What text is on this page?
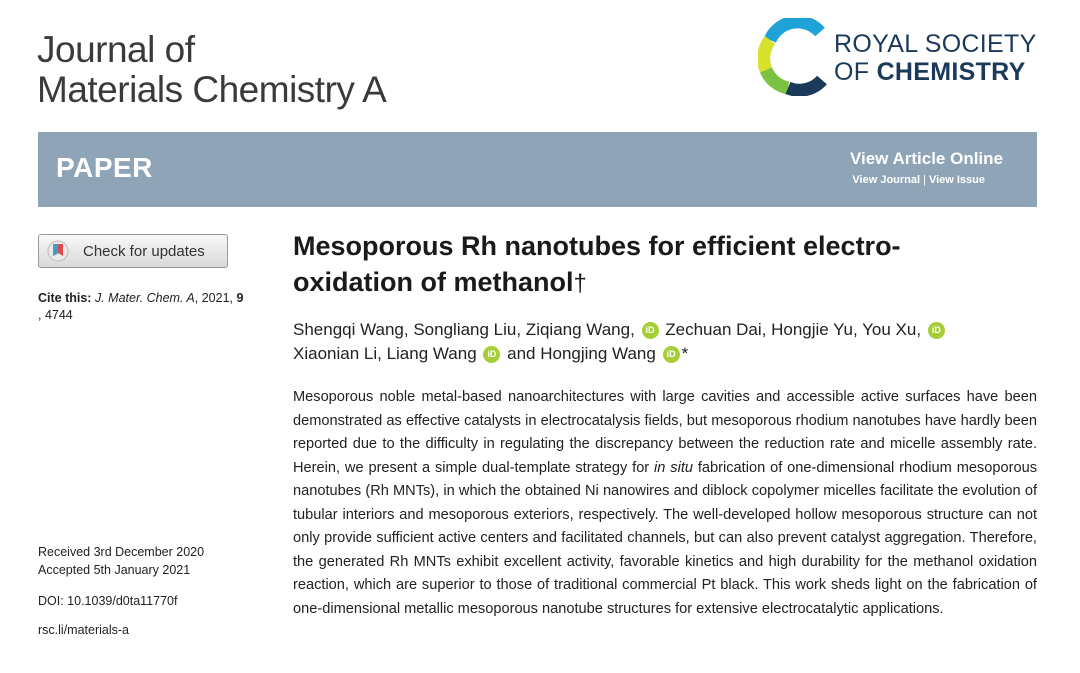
Journal of
Materials Chemistry A
ROYAL SOCIETY
OF CHEMISTRY
PAPER	View Article Online
View Journal | View Issue
Check for updates
Cite this: J. Mater. Chem. A, 2021, 9
, 4744
Received 3rd December 2020
Accepted 5th January 2021
DOI: 10.1039/d0ta11770f
rsc.li/materials-a
Mesoporous Rh nanotubes for efficient electro-oxidation of methanol†
Shengqi Wang, Songliang Liu, Ziqiang Wang, iD Zechuan Dai, Hongjie Yu, You Xu, iD
Xiaonian Li, Liang Wang iD and Hongjing Wang iD *
Mesoporous noble metal-based nanoarchitectures with large cavities and accessible active surfaces have been demonstrated as effective catalysts in electrocatalysis fields, but mesoporous rhodium nanotubes have hardly been reported due to the difficulty in regulating the discrepancy between the reduction rate and micelle assembly rate. Herein, we present a simple dual-template strategy for in situ fabrication of one-dimensional rhodium mesoporous nanotubes (Rh MNTs), in which the obtained Ni nanowires and diblock copolymer micelles facilitate the evolution of tubular interiors and mesoporous exteriors, respectively. The well-developed hollow mesoporous structure can not only provide sufficient active centers and facilitated channels, but can also prevent catalyst aggregation. Therefore, the generated Rh MNTs exhibit excellent activity, favorable kinetics and high durability for the methanol oxidation reaction, which are superior to those of traditional commercial Pt black. This work sheds light on the fabrication of one-dimensional metallic mesoporous nanotube structures for extensive electrocatalytic applications.
